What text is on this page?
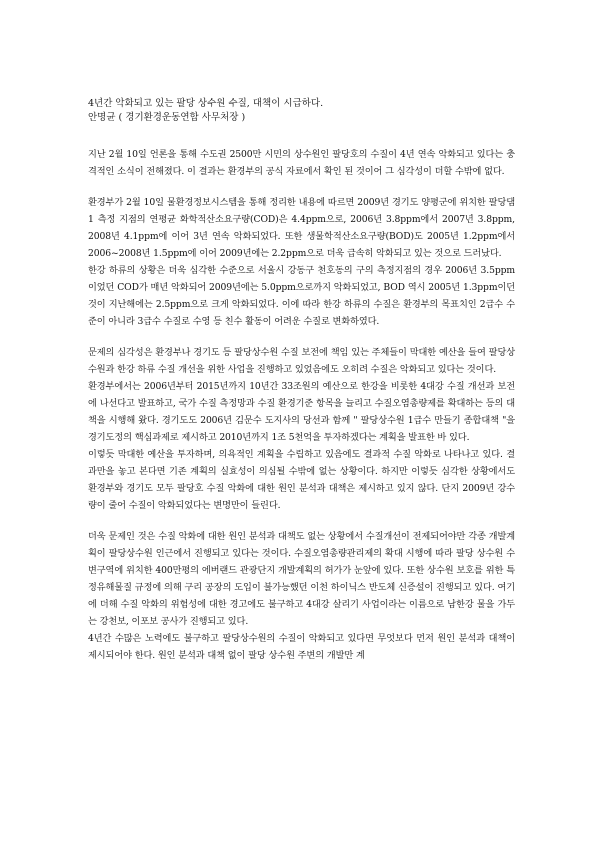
4년간 악화되고 있는 팔당 상수원 수질, 대책이 시급하다.

안명균 ( 경기환경운동연합 사무처장 )

지난 2월 10일 언론을 통해 수도권 2500만 시민의 상수원인 팔당호의 수질이 4년 연속 악화되고 있다는 충격적인 소식이 전해졌다. 이 결과는 환경부의 공식 자료에서 확인 된 것이어 그 심각성이 더할 수밖에 없다.

환경부가 2월 10일 물환경정보시스템을 통해 정리한 내용에 따르면 2009년 경기도 양평군에 위치한 팔당댐 1 측정 지점의 연평균 화학적산소요구량(COD)은 4.4ppm으로, 2006년 3.8ppm에서 2007년 3.8ppm, 2008년 4.1ppm에 이어 3년 연속 악화되었다. 또한 생물학적산소요구량(BOD)도 2005년 1.2ppm에서 2006~2008년 1.5ppm에 이어 2009년에는 2.2ppm으로 더욱 급속히 악화되고 있는 것으로 드러났다.

한강 하류의 상황은 더욱 심각한 수준으로 서울시 강동구 천호동의 구의 측정지점의 경우 2006년 3.5ppm이었던 COD가 매년 악화되어 2009년에는 5.0ppm으로까지 악화되었고, BOD 역시 2005년 1.3ppm이던 것이 지난해에는 2.5ppm으로 크게 악화되었다. 이에 따라 한강 하류의 수질은 환경부의 목표치인 2급수 수준이 아니라 3급수 수질로 수영 등 친수 활동이 어려운 수질로 변화하였다.

문제의 심각성은 환경부나 경기도 등 팔당상수원 수질 보전에 책임 있는 주체들이 막대한 예산을 들여 팔당상수원과 한강 하류 수질 개선을 위한 사업을 진행하고 있었음에도 오히려 수질은 악화되고 있다는 것이다.

환경부에서는 2006년부터 2015년까지 10년간 33조원의 예산으로 한강을 비롯한 4대강 수질 개선과 보전에 나선다고 발표하고, 국가 수질 측정망과 수질 환경기준 항목을 늘리고 수질오염총량제를 확대하는 등의 대책을 시행해 왔다. 경기도도 2006년 김문수 도지사의 당선과 함께 " 팔당상수원 1급수 만들기 종합대책 "을 경기도정의 핵심과제로 제시하고 2010년까지 1조 5천억을 투자하겠다는 계획을 발표한 바 있다.

이렇듯 막대한 예산을 투자하며, 의욕적인 계획을 수립하고 있음에도 결과적 수질 악화로 나타나고 있다. 결과만을 놓고 본다면 기존 계획의 실효성이 의심될 수밖에 없는 상황이다. 하지만 이렇듯 심각한 상황에서도 환경부와 경기도 모두 팔당호 수질 악화에 대한 원인 분석과 대책은 제시하고 있지 않다. 단지 2009년 강수량이 줄어 수질이 악화되었다는 변명만이 들린다.

더욱 문제인 것은 수질 악화에 대한 원인 분석과 대책도 없는 상황에서 수질개선이 전제되어야만 각종 개발계획이 팔당상수원 인근에서 진행되고 있다는 것이다. 수질오염총량관리제의 확대 시행에 따라 팔당 상수원 수변구역에 위치한 400만평의 에버랜드 관광단지 개발계획의 허가가 눈앞에 있다. 또한 상수원 보호를 위한 특정유해물질 규정에 의해 구리 공장의 도입이 불가능했던 이천 하이닉스 반도체 신증설이 진행되고 있다. 여기에 더해 수질 악화의 위험성에 대한 경고에도 불구하고 4대강 살리기 사업이라는 이름으로 남한강 물을 가두는 강천보, 이포보 공사가 진행되고 있다.

4년간 수많은 노력에도 불구하고 팔당상수원의 수질이 악화되고 있다면 무엇보다 먼저 원인 분석과 대책이 제시되어야 한다. 원인 분석과 대책 없이 팔당 상수원 주변의 개발만 계
